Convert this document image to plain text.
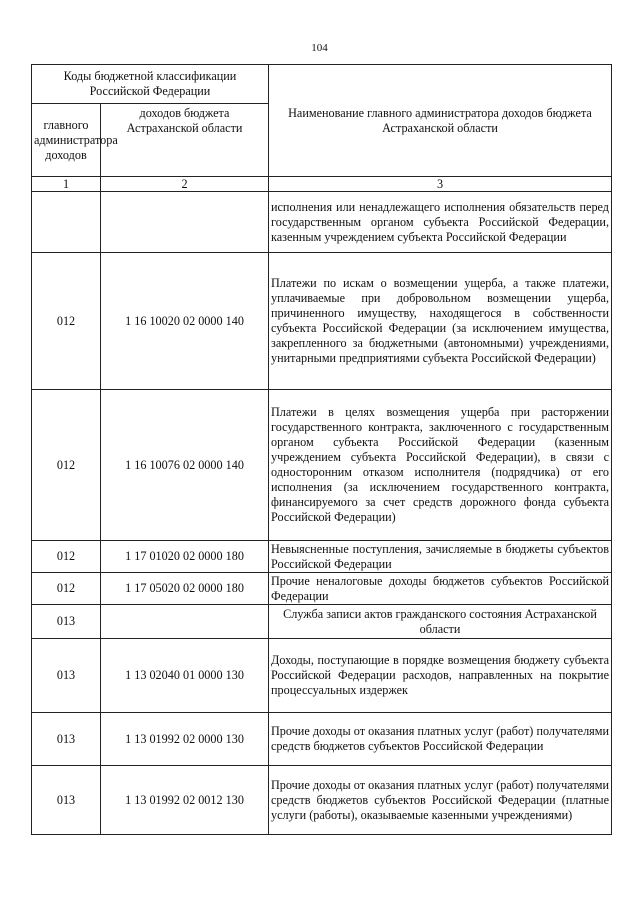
104
Коды бюджетной классификации Российской Федерации		Наименование главного администратора доходов бюджета Астраханской области
главного администратора доходов	доходов бюджета Астраханской области	
1	2	3
		исполнения или ненадлежащего исполнения обязательств перед государственным органом субъекта Российской Федерации, казенным учреждением субъекта Российской Федерации
012	1 16 10020 02 0000 140	Платежи по искам о возмещении ущерба, а также платежи, уплачиваемые при добровольном возмещении ущерба, причиненного имуществу, находящегося в собственности субъекта Российской Федерации (за исключением имущества, закрепленного за бюджетными (автономными) учреждениями, унитарными предприятиями субъекта Российской Федерации)
012	1 16 10076 02 0000 140	Платежи в целях возмещения ущерба при расторжении государственного контракта, заключенного с государственным органом субъекта Российской Федерации (казенным учреждением субъекта Российской Федерации), в связи с односторонним отказом исполнителя (подрядчика) от его исполнения (за исключением государственного контракта, финансируемого за счет средств дорожного фонда субъекта Российской Федерации)
012	1 17 01020 02 0000 180	Невыясненные поступления, зачисляемые в бюджеты субъектов Российской Федерации
012	1 17 05020 02 0000 180	Прочие неналоговые доходы бюджетов субъектов Российской Федерации
013		Служба записи актов гражданского состояния Астраханской области
013	1 13 02040 01 0000 130	Доходы, поступающие в порядке возмещения бюджету субъекта Российской Федерации расходов, направленных на покрытие процессуальных издержек
013	1 13 01992 02 0000 130	Прочие доходы от оказания платных услуг (работ) получателями средств бюджетов субъектов Российской Федерации
013	1 13 01992 02 0012 130	Прочие доходы от оказания платных услуг (работ) получателями средств бюджетов субъектов Российской Федерации (платные услуги (работы), оказываемые казенными учреждениями)
